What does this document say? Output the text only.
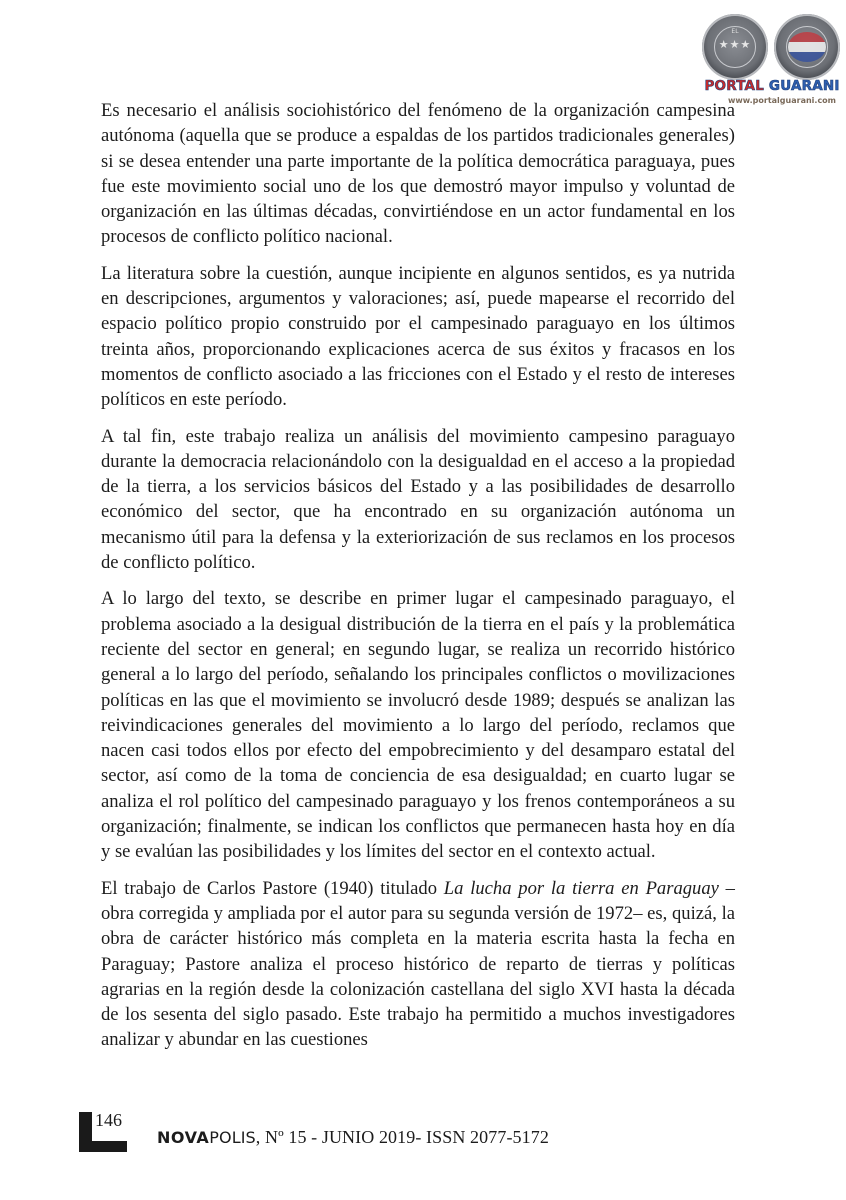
EL
★★★
PORTAL GUARANI
www.portalguarani.com

Es necesario el análisis sociohistórico del fenómeno de la organización campesina autónoma (aquella que se produce a espaldas de los partidos tradicionales generales) si se desea entender una parte importante de la política democrática paraguaya, pues fue este movimiento social uno de los que demostró mayor impulso y voluntad de organización en las últimas décadas, convirtiéndose en un actor fundamental en los procesos de conflicto político nacional.

La literatura sobre la cuestión, aunque incipiente en algunos sentidos, es ya nutrida en descripciones, argumentos y valoraciones; así, puede mapearse el recorrido del espacio político propio construido por el campesinado paraguayo en los últimos treinta años, proporcionando explicaciones acerca de sus éxitos y fracasos en los momentos de conflicto asociado a las fricciones con el Estado y el resto de intereses políticos en este período.

A tal fin, este trabajo realiza un análisis del movimiento campesino paraguayo durante la democracia relacionándolo con la desigualdad en el acceso a la propiedad de la tierra, a los servicios básicos del Estado y a las posibilidades de desarrollo económico del sector, que ha encontrado en su organización autónoma un mecanismo útil para la defensa y la exteriorización de sus reclamos en los procesos de conflicto político.

A lo largo del texto, se describe en primer lugar el campesinado paraguayo, el problema asociado a la desigual distribución de la tierra en el país y la problemática reciente del sector en general; en segundo lugar, se realiza un recorrido histórico general a lo largo del período, señalando los principales conflictos o movilizaciones políticas en las que el movimiento se involucró desde 1989; después se analizan las reivindicaciones generales del movimiento a lo largo del período, reclamos que nacen casi todos ellos por efecto del empobrecimiento y del desamparo estatal del sector, así como de la toma de conciencia de esa desigualdad; en cuarto lugar se analiza el rol político del campesinado paraguayo y los frenos contemporáneos a su organización; finalmente, se indican los conflictos que permanecen hasta hoy en día y se evalúan las posibilidades y los límites del sector en el contexto actual.

El trabajo de Carlos Pastore (1940) titulado La lucha por la tierra en Paraguay –obra corregida y ampliada por el autor para su segunda versión de 1972– es, quizá, la obra de carácter histórico más completa en la materia escrita hasta la fecha en Paraguay; Pastore analiza el proceso histórico de reparto de tierras y políticas agrarias en la región desde la colonización castellana del siglo XVI hasta la década de los sesenta del siglo pasado. Este trabajo ha permitido a muchos investigadores analizar y abundar en las cuestiones

146
NOVAPOLIS, Nº 15 - JUNIO 2019- ISSN 2077-5172
